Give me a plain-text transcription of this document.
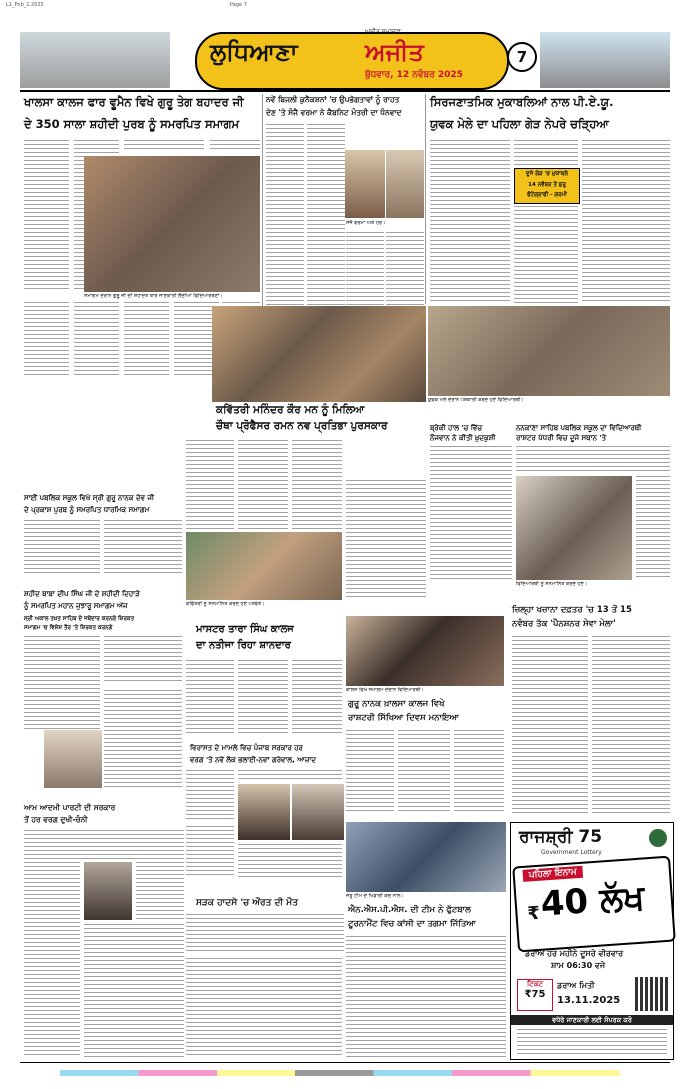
L1_Pnb_1.2025	Page 7
ਲੁਧਿਆਣਾ	ਅਜੀਤ
ਅਜੀਤ ਸਮਾਚਾਰ
ਬੁੱਧਵਾਰ, 12 ਨਵੰਬਰ 2025
7
ਖਾਲਸਾ ਕਾਲਜ ਫਾਰ ਵੂਮੈਨ ਵਿਖੇ ਗੁਰੂ ਤੇਗ ਬਹਾਦਰ ਜੀ
ਦੇ 350 ਸਾਲਾ ਸ਼ਹੀਦੀ ਪੁਰਬ ਨੂੰ ਸਮਰਪਿਤ ਸਮਾਗਮ
ਸਮਾਗਮ ਦੌਰਾਨ ਗੁਰੂ ਜੀ ਦੀ ਸ਼ਹਾਦਤ ਬਾਰੇ ਜਾਣਕਾਰੀ ਲੈਂਦੀਆਂ ਵਿਦਿਆਰਥਣਾਂ।
ਨਵੇਂ ਬਿਜਲੀ ਕੁਨੈਕਸ਼ਨਾਂ 'ਚ ਉਪਭੋਗਤਾਵਾਂ ਨੂੰ ਰਾਹਤ
ਦੇਣ 'ਤੇ ਸੰਜੈ ਵਰਮਾ ਨੇ ਕੈਬਨਿਟ ਮੰਤਰੀ ਦਾ ਧੰਨਵਾਦ
ਸੰਜੈ ਵਰਮਾ ਅਤੇ ਹੋਰ।
ਸਿਰਜਣਾਤਮਿਕ ਮੁਕਾਬਲਿਆਂ ਨਾਲ ਪੀ.ਏ.ਯੂ.
ਯੁਵਕ ਮੇਲੇ ਦਾ ਪਹਿਲਾ ਗੇੜ ਨੇਪਰੇ ਚੜ੍ਹਿਆ
ਦੂਜੇ ਗੇੜ 'ਚ ਮੁਕਾਬਲੇ
14 ਨਵੰਬਰ ਤੋਂ ਸ਼ੁਰੂ
ਫੋਟੋਗ੍ਰਾਫੀ - ਗਰਮੀ
ਯੁਵਕ ਮੇਲੇ ਦੌਰਾਨ ਪੇਸ਼ਕਾਰੀ ਕਰਦੇ ਹੋਏ ਵਿਦਿਆਰਥੀ।
ਕਵਿੱਤਰੀ ਮਨਿੰਦਰ ਕੌਰ ਮਨ ਨੂੰ ਮਿਲਿਆ
ਚੌਥਾ ਪ੍ਰੋਫੈਸਰ ਰਮਨ ਨਵ ਪ੍ਰਤਿਭਾ ਪੁਰਸਕਾਰ
ਕਵਿੱਤਰੀ ਨੂੰ ਸਨਮਾਨਿਤ ਕਰਦੇ ਹੋਏ ਪਤਵੰਤੇ।
ਬ੍ਰੇਕੀ ਹਾਲ 'ਚ ਵਿੱਚ
ਨੌਜਵਾਨ ਨੇ ਕੀਤੀ ਖ਼ੁਦਕੁਸ਼ੀ
ਨਨਕਾਣਾ ਸਾਹਿਬ ਪਬਲਿਕ ਸਕੂਲ ਦਾ ਵਿਦਿਆਰਥੀ
ਰਾਸ਼ਟਰ ਪੱਧਰੀ ਵਿਚ ਦੂਜੇ ਸਥਾਨ 'ਤੇ
ਵਿਦਿਆਰਥੀ ਨੂੰ ਸਨਮਾਨਿਤ ਕਰਦੇ ਹੋਏ।
ਸਾਈਂ ਪਬਲਿਕ ਸਕੂਲ ਵਿਖੇ ਸ੍ਰੀ ਗੁਰੂ ਨਾਨਕ ਦੇਵ ਜੀ
ਦੇ ਪ੍ਰਕਾਸ਼ ਪੁਰਬ ਨੂੰ ਸਮਰਪਿਤ ਧਾਰਮਿਕ ਸਮਾਗਮ
ਸ਼ਹੀਦ ਬਾਬਾ ਦੀਪ ਸਿੰਘ ਜੀ ਦੇ ਸ਼ਹੀਦੀ ਦਿਹਾੜੇ
ਨੂੰ ਸਮਰਪਿਤ ਮਹਾਨ ਜੁਝਾਰੂ ਸਮਾਗਮ ਅੱਜ
ਸ੍ਰੀ ਅਕਾਲ ਤਖ਼ਤ ਸਾਹਿਬ ਦੇ ਜਥੇਦਾਰ ਕਰਨਗੇ ਸ਼ਿਰਕਤ
ਸਮਾਗਮ 'ਚ ਵਿਸ਼ੇਸ਼ ਤੌਰ 'ਤੇ ਸ਼ਿਰਕਤ ਕਰਨਗੇ
ਆਮ ਆਦਮੀ ਪਾਰਟੀ ਦੀ ਸਰਕਾਰ
ਤੋਂ ਹਰ ਵਰਗ ਦੁਖੀ-ਚੰਨੀ
ਮਾਸਟਰ ਤਾਰਾ ਸਿੰਘ ਕਾਲਜ
ਦਾ ਨਤੀਜਾ ਰਿਹਾ ਸ਼ਾਨਦਾਰ
ਕਾਲਜ ਵਿਖੇ ਸਮਾਗਮ ਦੌਰਾਨ ਵਿਦਿਆਰਥੀ।
ਗੁਰੂ ਨਾਨਕ ਖ਼ਾਲਸਾ ਕਾਲਜ ਵਿਖੇ
ਰਾਸ਼ਟਰੀ ਸਿੱਖਿਆ ਦਿਵਸ ਮਨਾਇਆ
ਜ਼ਿਲ੍ਹਾ ਖਜ਼ਾਨਾ ਦਫ਼ਤਰ 'ਚ 13 ਤੋਂ 15
ਨਵੰਬਰ ਤੱਕ 'ਪੈਨਸ਼ਨਰ ਸੇਵਾ ਮੇਲਾ'
ਵਿਰਾਸਤ ਦੇ ਮਾਮਲੇ ਵਿਚ ਪੰਜਾਬ ਸਰਕਾਰ ਹਰ
ਵਰਗ 'ਤੇ ਨਵੇਂ ਲੋਕ ਭਲਾਈ-ਨਵਾਂ ਗਰੇਵਾਲ, ਆਜ਼ਾਦ
ਸੜਕ ਹਾਦਸੇ 'ਚ ਔਰਤ ਦੀ ਮੌਤ
ਜੇਤੂ ਟੀਮ ਦੇ ਖਿਡਾਰੀ ਕੋਚ ਨਾਲ।
ਐਨ.ਐਸ.ਪੀ.ਐਸ. ਦੀ ਟੀਮ ਨੇ ਫੁੱਟਬਾਲ
ਟੂਰਨਾਮੈਂਟ ਵਿਚ ਕਾਂਸੀ ਦਾ ਤਗਮਾ ਜਿੱਤਿਆ
ਰਾਜਸ਼੍ਰੀ 75
Government Lottery
ਪਹਿਲਾ ਇਨਾਮ
₹
40 ਲੱਖ
ਡਰਾਅ ਹਰ ਮਹੀਨੇ ਦੂਸਰੇ ਵੀਰਵਾਰ
ਸ਼ਾਮ 06:30 ਵਜੇ
ਟਿਕਟ
₹75
ਡਰਾਅ ਮਿਤੀ
13.11.2025
ਵਧੇਰੇ ਜਾਣਕਾਰੀ ਲਈ ਸੰਪਰਕ ਕਰੋ
